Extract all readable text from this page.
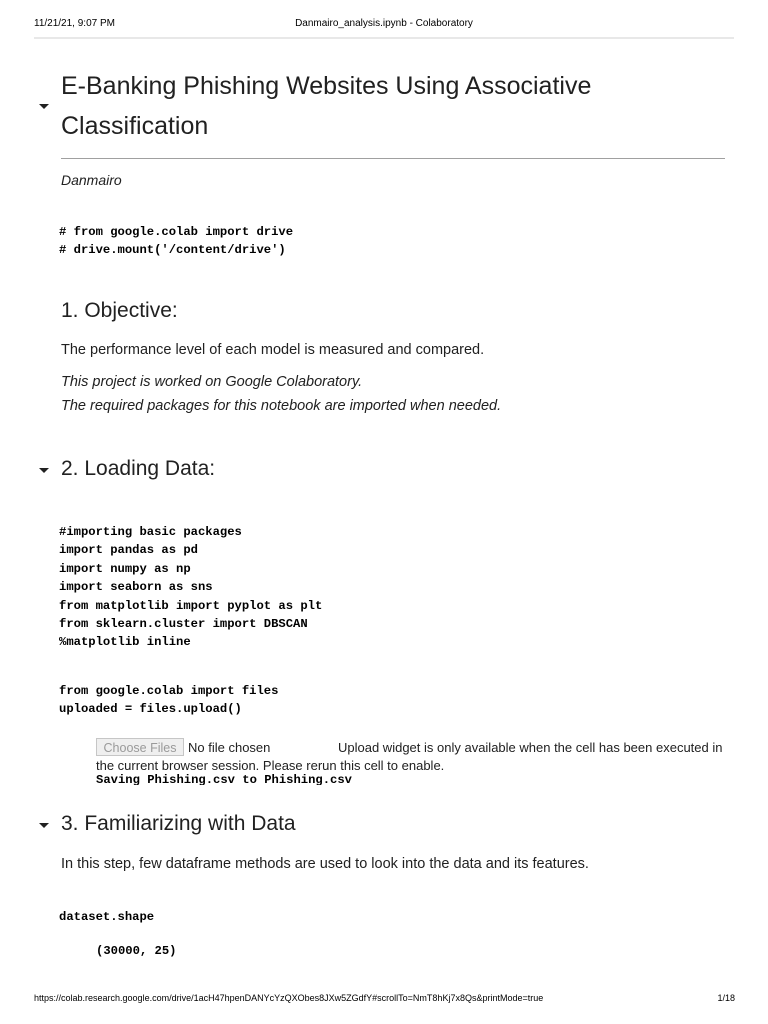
11/21/21, 9:07 PM	Danmairo_analysis.ipynb - Colaboratory
E-Banking Phishing Websites Using Associative
Classification
Danmairo
# from google.colab import drive
# drive.mount('/content/drive')
1. Objective:
The performance level of each model is measured and compared.
This project is worked on Google Colaboratory.
The required packages for this notebook are imported when needed.
2. Loading Data:
#importing basic packages
import pandas as pd
import numpy as np
import seaborn as sns
from matplotlib import pyplot as plt
from sklearn.cluster import DBSCAN
%matplotlib inline
from google.colab import files
uploaded = files.upload()
Choose Files No file chosen	Upload widget is only available when the cell has been executed in
the current browser session. Please rerun this cell to enable.
Saving Phishing.csv to Phishing.csv
3. Familiarizing with Data
In this step, few dataframe methods are used to look into the data and its features.
dataset.shape
(30000, 25)
https://colab.research.google.com/drive/1acH47hpenDANYcYzQXObes8JXw5ZGdfY#scrollTo=NmT8hKj7x8Qs&printMode=true	1/18
